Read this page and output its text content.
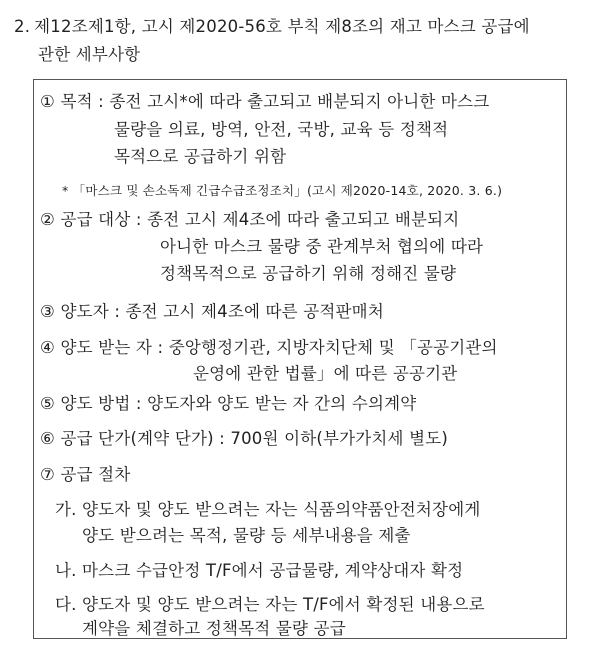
2. 제12조제1항, 고시 제2020-56호 부칙 제8조의 재고 마스크 공급에
관한 세부사항
① 목적 : 종전 고시*에 따라 출고되고 배분되지 아니한 마스크
물량을 의료, 방역, 안전, 국방, 교육 등 정책적
목적으로 공급하기 위함
* 「마스크 및 손소독제 긴급수급조정조치」(고시 제2020-14호, 2020. 3. 6.)
② 공급 대상 : 종전 고시 제4조에 따라 출고되고 배분되지
아니한 마스크 물량 중 관계부처 협의에 따라
정책목적으로 공급하기 위해 정해진 물량
③ 양도자 : 종전 고시 제4조에 따른 공적판매처
④ 양도 받는 자 : 중앙행정기관, 지방자치단체 및 「공공기관의
운영에 관한 법률」에 따른 공공기관
⑤ 양도 방법 : 양도자와 양도 받는 자 간의 수의계약
⑥ 공급 단가(계약 단가) : 700원 이하(부가가치세 별도)
⑦ 공급 절차
가. 양도자 및 양도 받으려는 자는 식품의약품안전처장에게
양도 받으려는 목적, 물량 등 세부내용을 제출
나. 마스크 수급안정 T/F에서 공급물량, 계약상대자 확정
다. 양도자 및 양도 받으려는 자는 T/F에서 확정된 내용으로
계약을 체결하고 정책목적 물량 공급
